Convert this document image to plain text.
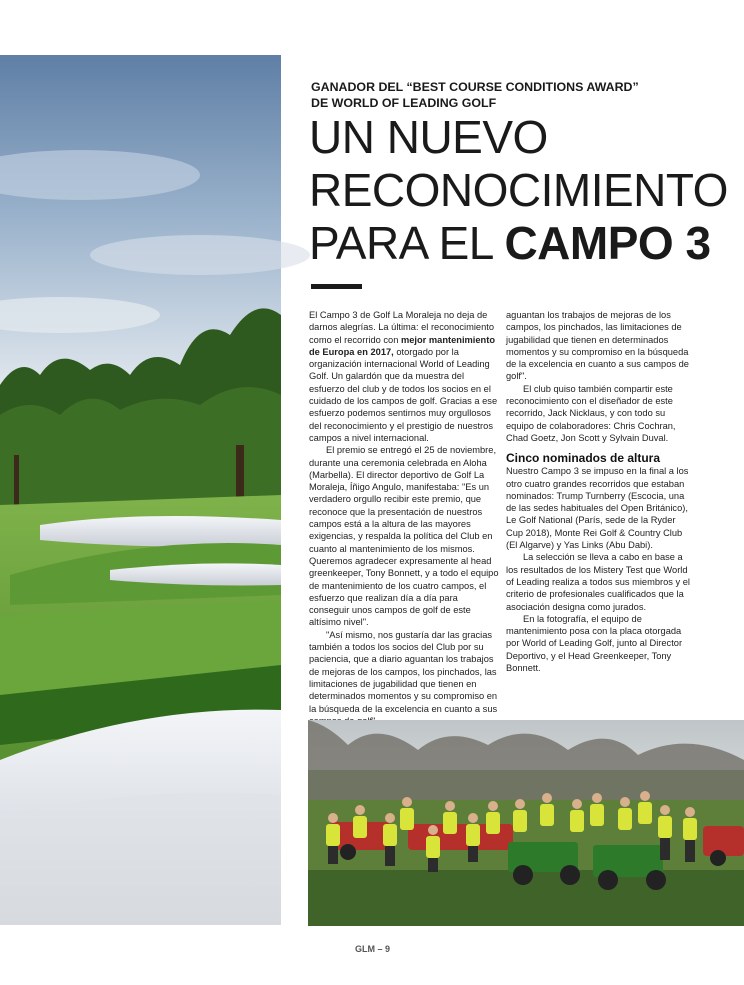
GANADOR DEL “BEST COURSE CONDITIONS AWARD”
DE WORLD OF LEADING GOLF
UN NUEVO
RECONOCIMIENTO
PARA EL CAMPO 3

El Campo 3 de Golf La Moraleja no deja de darnos alegrías. La última: el reconocimiento como el recorrido con mejor mantenimiento de Europa en 2017, otorgado por la organización internacional World of Leading Golf. Un galardón que da muestra del esfuerzo del club y de todos los socios en el cuidado de los campos de golf. Gracias a ese esfuerzo podemos sentirnos muy orgullosos del reconocimiento y el prestigio de nuestros campos a nivel internacional.

El premio se entregó el 25 de noviembre, durante una ceremonia celebrada en Aloha (Marbella). El director deportivo de Golf La Moraleja, Íñigo Angulo, manifestaba: "Es un verdadero orgullo recibir este premio, que reconoce que la presentación de nuestros campos está a la altura de las mayores exigencias, y respalda la política del Club en cuanto al mantenimiento de los mismos. Queremos agradecer expresamente al head greenkeeper, Tony Bonnett, y a todo el equipo de mantenimiento de los cuatro campos, el esfuerzo que realizan día a día para conseguir unos campos de golf de este altísimo nivel".

"Así mismo, nos gustaría dar las gracias también a todos los socios del Club por su paciencia, que a diario aguantan los trabajos de mejoras de los campos, los pinchados, las limitaciones de jugabilidad que tienen en determinados momentos y su compromiso en la búsqueda de la excelencia en cuanto a sus

aguantan los trabajos de mejoras de los campos, los pinchados, las limitaciones de jugabilidad que tienen en determinados momentos y su compromiso en la búsqueda de la excelencia en cuanto a sus campos de golf".

El club quiso también compartir este reconocimiento con el diseñador de este recorrido, Jack Nicklaus, y con todo su equipo de colaboradores: Chris Cochran, Chad Goetz, Jon Scott y Sylvain Duval.

Cinco nominados de altura

Nuestro Campo 3 se impuso en la final a los otro cuatro grandes recorridos que estaban nominados: Trump Turnberry (Escocia, una de las sedes habituales del Open Británico), Le Golf National (París, sede de la Ryder Cup 2018), Monte Rei Golf & Country Club (El Algarve) y Yas Links (Abu Dabi).

La selección se lleva a cabo en base a los resultados de los Mistery Test que World of Leading realiza a todos sus miembros y el criterio de profesionales cualificados que la asociación designa como jurados.

En la fotografía, el equipo de mantenimiento posa con la placa otorgada por World of Leading Golf, junto al Director Deportivo, y el Head Greenkeeper, Tony Bonnett.

GLM – 9
